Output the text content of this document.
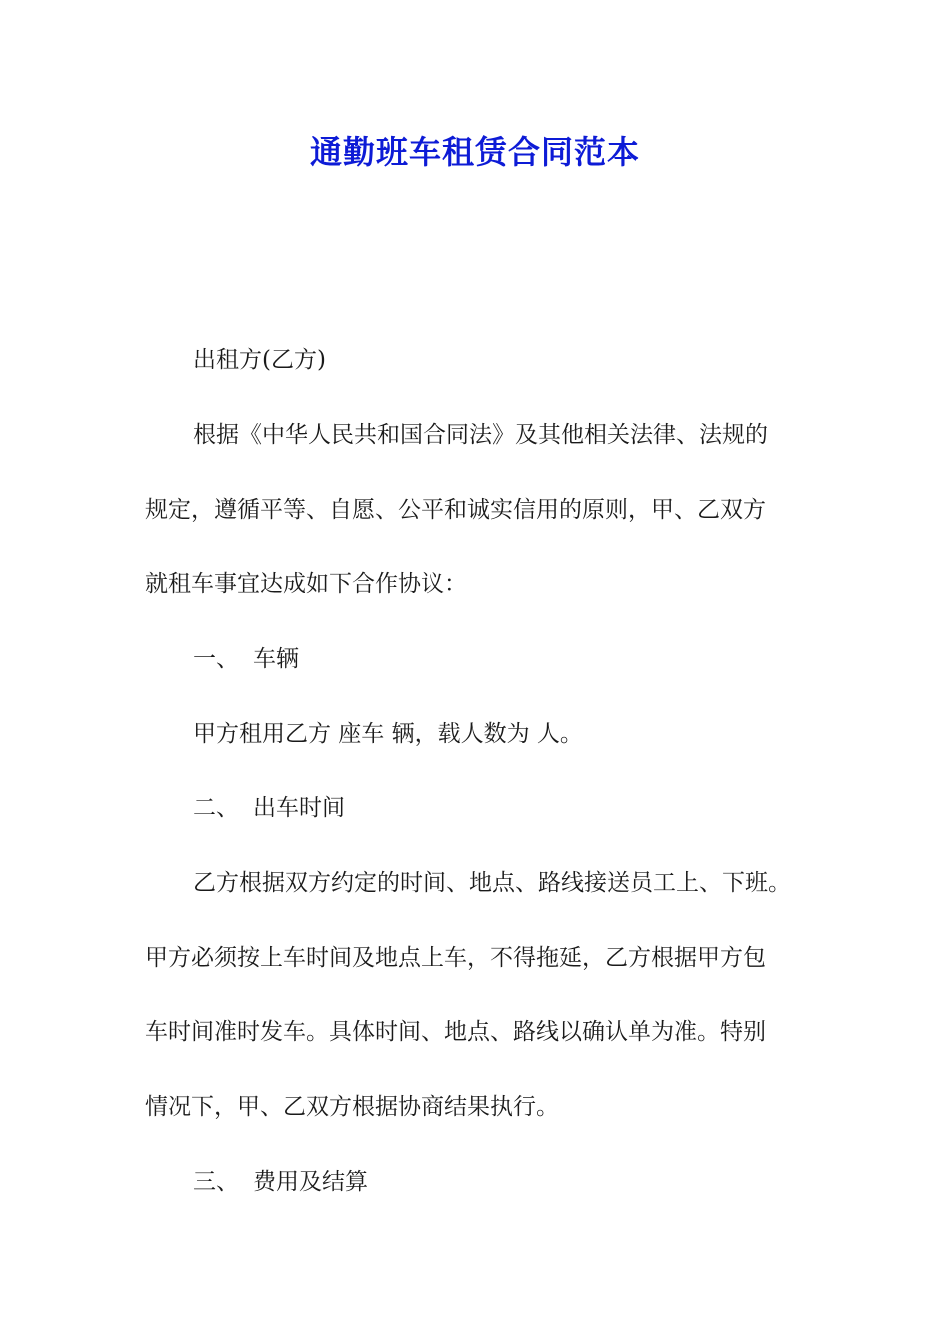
通勤班车租赁合同范本
出租方(乙方)
根据《中华人民共和国合同法》及其他相关法律、法规的
规定，遵循平等、自愿、公平和诚实信用的原则，甲、乙双方
就租车事宜达成如下合作协议：
一、 车辆
甲方租用乙方 座车 辆，载人数为 人。
二、 出车时间
乙方根据双方约定的时间、地点、路线接送员工上、下班。
甲方必须按上车时间及地点上车，不得拖延，乙方根据甲方包
车时间准时发车。具体时间、地点、路线以确认单为准。特别
情况下，甲、乙双方根据协商结果执行。
三、 费用及结算
